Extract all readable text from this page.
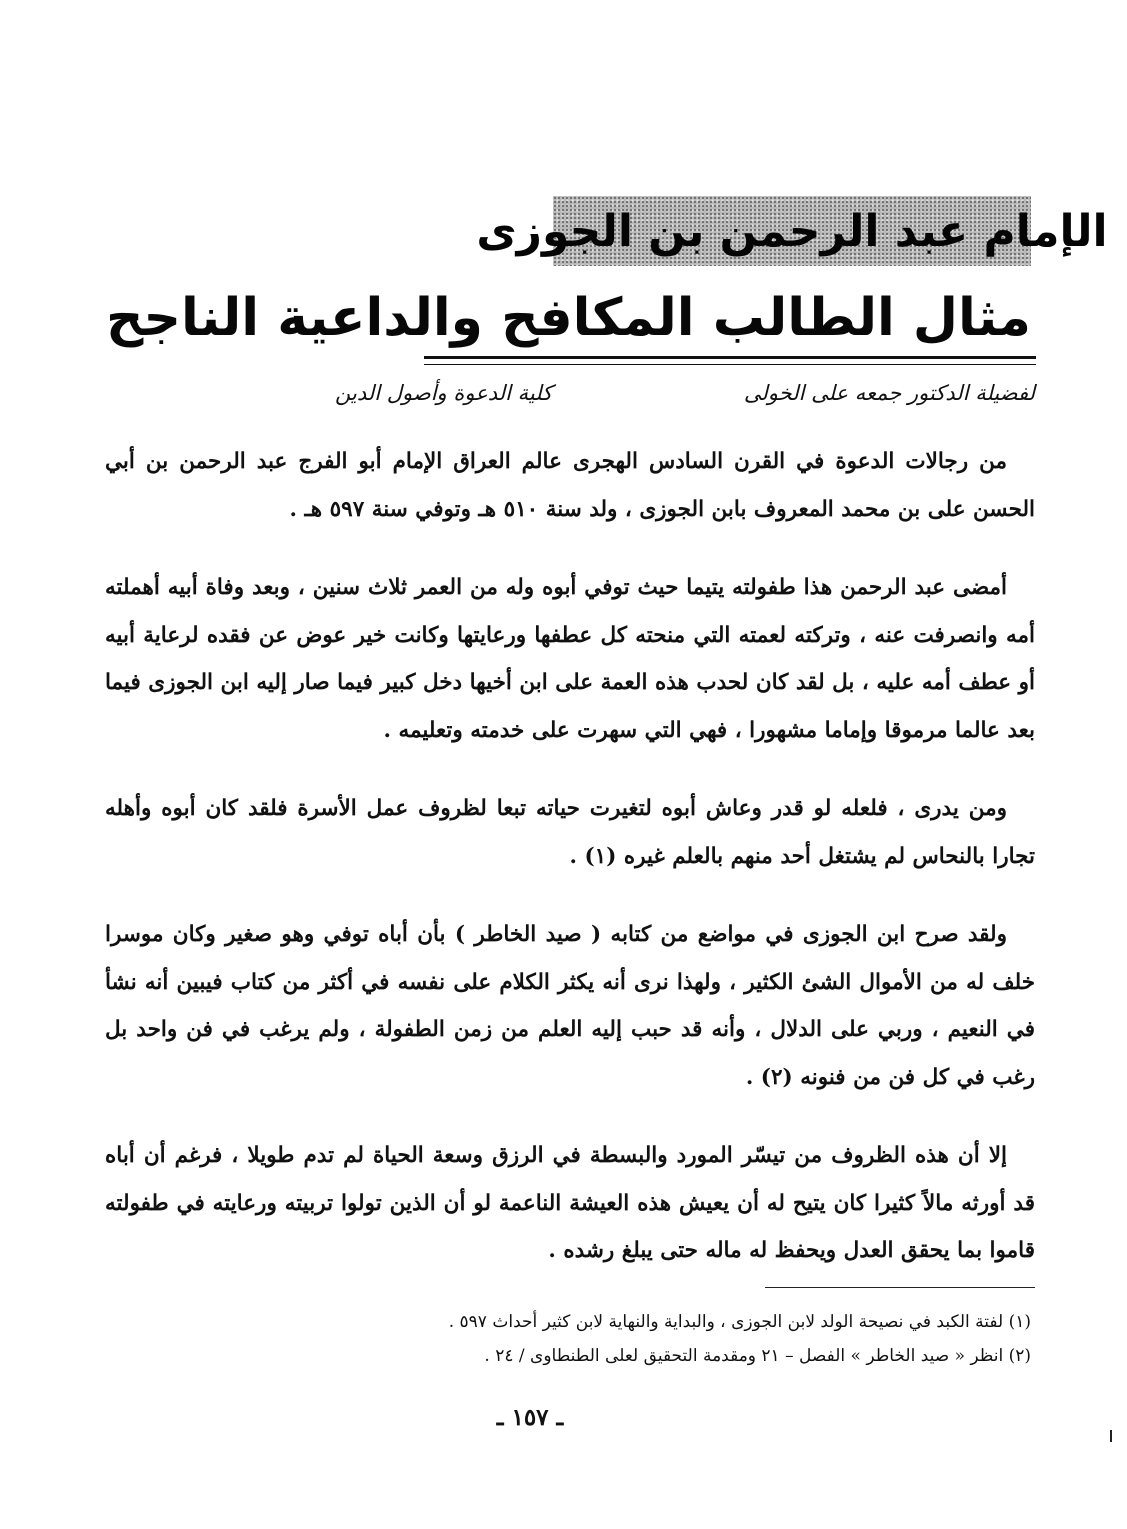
الإمام عبد الرحمن بن الجوزى
مثال الطالب المكافح والداعية الناجح
لفضيلة الدكتور جمعه على الخولى
كلية الدعوة وأصول الدين

من رجالات الدعوة في القرن السادس الهجرى عالم العراق الإمام أبو الفرج عبد الرحمن بن أبي الحسن على بن محمد المعروف بابن الجوزى ، ولد سنة ٥١٠ هـ وتوفي سنة ٥٩٧ هـ .

أمضى عبد الرحمن هذا طفولته يتيما حيث توفي أبوه وله من العمر ثلاث سنين ، وبعد وفاة أبيه أهملته أمه وانصرفت عنه ، وتركته لعمته التي منحته كل عطفها ورعايتها وكانت خير عوض عن فقده لرعاية أبيه أو عطف أمه عليه ، بل لقد كان لحدب هذه العمة على ابن أخيها دخل كبير فيما صار إليه ابن الجوزى فيما بعد عالما مرموقا وإماما مشهورا ، فهي التي سهرت على خدمته وتعليمه .

ومن يدرى ، فلعله لو قدر وعاش أبوه لتغيرت حياته تبعا لظروف عمل الأسرة فلقد كان أبوه وأهله تجارا بالنحاس لم يشتغل أحد منهم بالعلم غيره (١) .

ولقد صرح ابن الجوزى في مواضع من كتابه ( صيد الخاطر ) بأن أباه توفي وهو صغير وكان موسرا خلف له من الأموال الشئ الكثير ، ولهذا نرى أنه يكثر الكلام على نفسه في أكثر من كتاب فيبين أنه نشأ في النعيم ، وربي على الدلال ، وأنه قد حبب إليه العلم من زمن الطفولة ، ولم يرغب في فن واحد بل رغب في كل فن من فنونه (٢) .

إلا أن هذه الظروف من تيسّر المورد والبسطة في الرزق وسعة الحياة لم تدم طويلا ، فرغم أن أباه قد أورثه مالاً كثيرا كان يتيح له أن يعيش هذه العيشة الناعمة لو أن الذين تولوا تربيته ورعايته في طفولته قاموا بما يحقق العدل ويحفظ له ماله حتى يبلغ رشده .

(١) لفتة الكبد في نصيحة الولد لابن الجوزى ، والبداية والنهاية لابن كثير أحداث ٥٩٧ .
(٢) انظر « صيد الخاطر » الفصل – ٢١ ومقدمة التحقيق لعلى الطنطاوى / ٢٤ .
ـ ١٥٧ ـ
